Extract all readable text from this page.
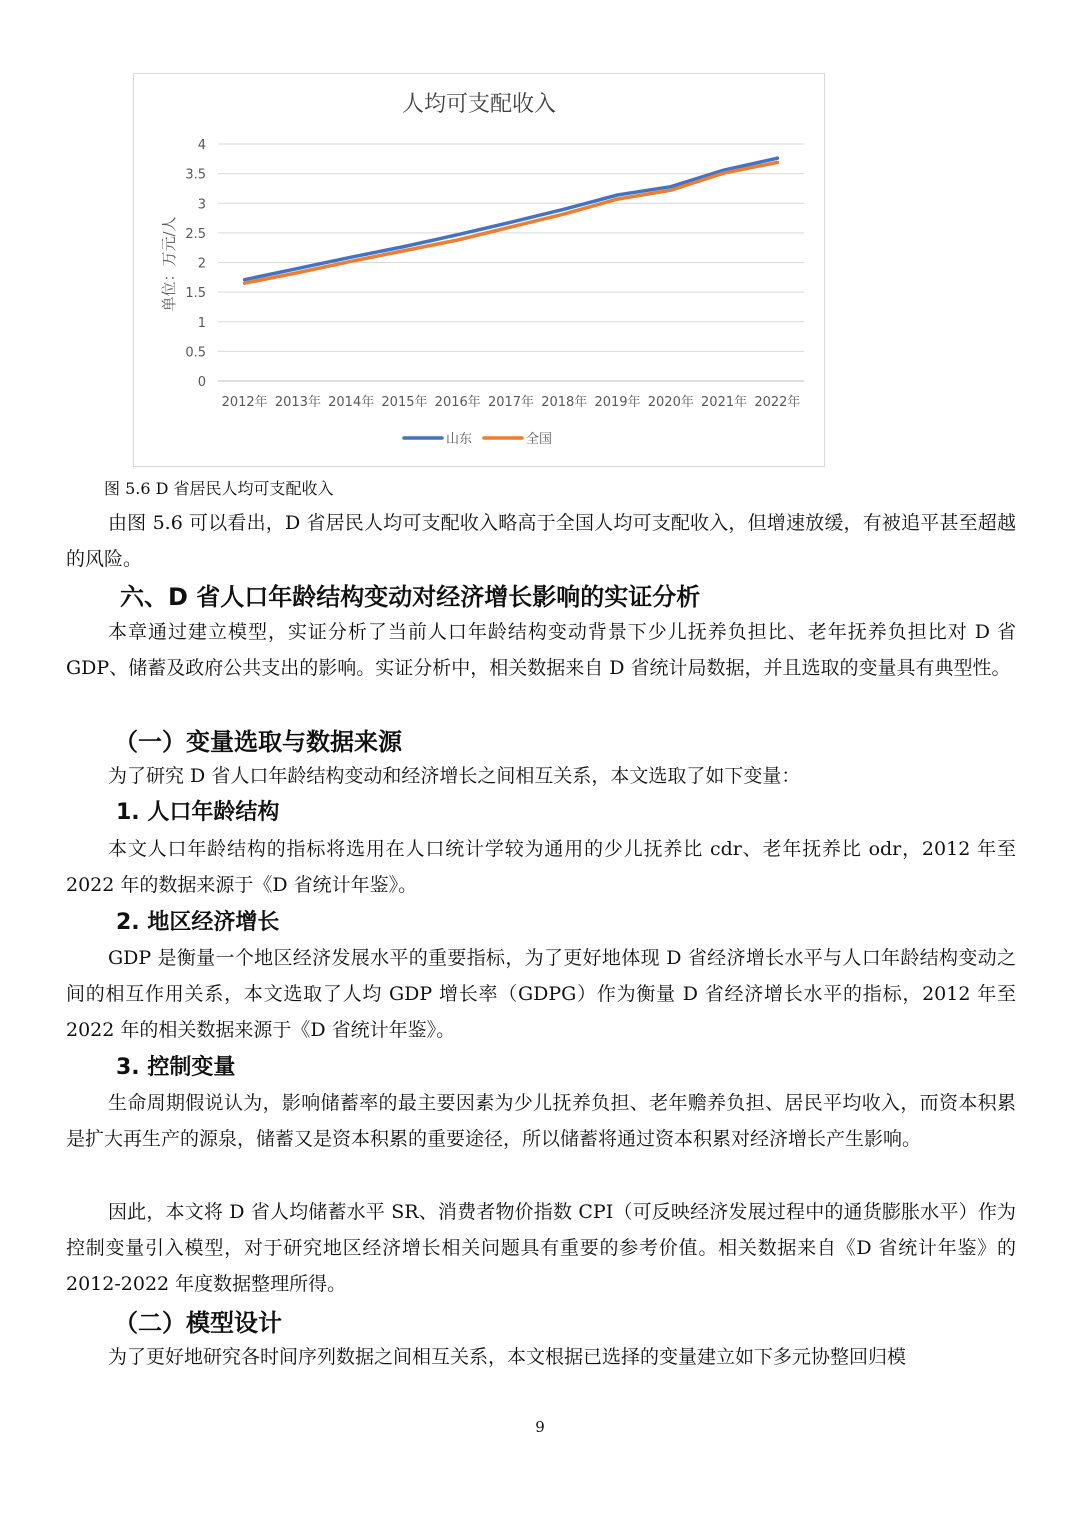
人均可支配收入
0
0.5
1
1.5
2
2.5
3
3.5
4
2012年 2013年 2014年 2015年 2016年 2017年 2018年 2019年 2020年 2021年 2022年
单位：万元/人
山东	全国
图 5.6 D 省居民人均可支配收入

由图 5.6 可以看出，D 省居民人均可支配收入略高于全国人均可支配收入，但增速放缓，有被追平甚至超越的风险。

六、D 省人口年龄结构变动对经济增长影响的实证分析

本章通过建立模型，实证分析了当前人口年龄结构变动背景下少儿抚养负担比、老年抚养负担比对 D 省 GDP、储蓄及政府公共支出的影响。实证分析中，相关数据来自 D 省统计局数据，并且选取的变量具有典型性。

（一）变量选取与数据来源

为了研究 D 省人口年龄结构变动和经济增长之间相互关系，本文选取了如下变量：

1. 人口年龄结构

本文人口年龄结构的指标将选用在人口统计学较为通用的少儿抚养比 cdr、老年抚养比 odr，2012 年至 2022 年的数据来源于《D 省统计年鉴》。

2. 地区经济增长

GDP 是衡量一个地区经济发展水平的重要指标，为了更好地体现 D 省经济增长水平与人口年龄结构变动之间的相互作用关系，本文选取了人均 GDP 增长率（GDPG）作为衡量 D 省经济增长水平的指标，2012 年至 2022 年的相关数据来源于《D 省统计年鉴》。

3. 控制变量

生命周期假说认为，影响储蓄率的最主要因素为少儿抚养负担、老年赡养负担、居民平均收入，而资本积累是扩大再生产的源泉，储蓄又是资本积累的重要途径，所以储蓄将通过资本积累对经济增长产生影响。

因此，本文将 D 省人均储蓄水平 SR、消费者物价指数 CPI（可反映经济发展过程中的通货膨胀水平）作为控制变量引入模型，对于研究地区经济增长相关问题具有重要的参考价值。相关数据来自《D 省统计年鉴》的 2012-2022 年度数据整理所得。

（二）模型设计

为了更好地研究各时间序列数据之间相互关系，本文根据已选择的变量建立如下多元协整回归模

9
